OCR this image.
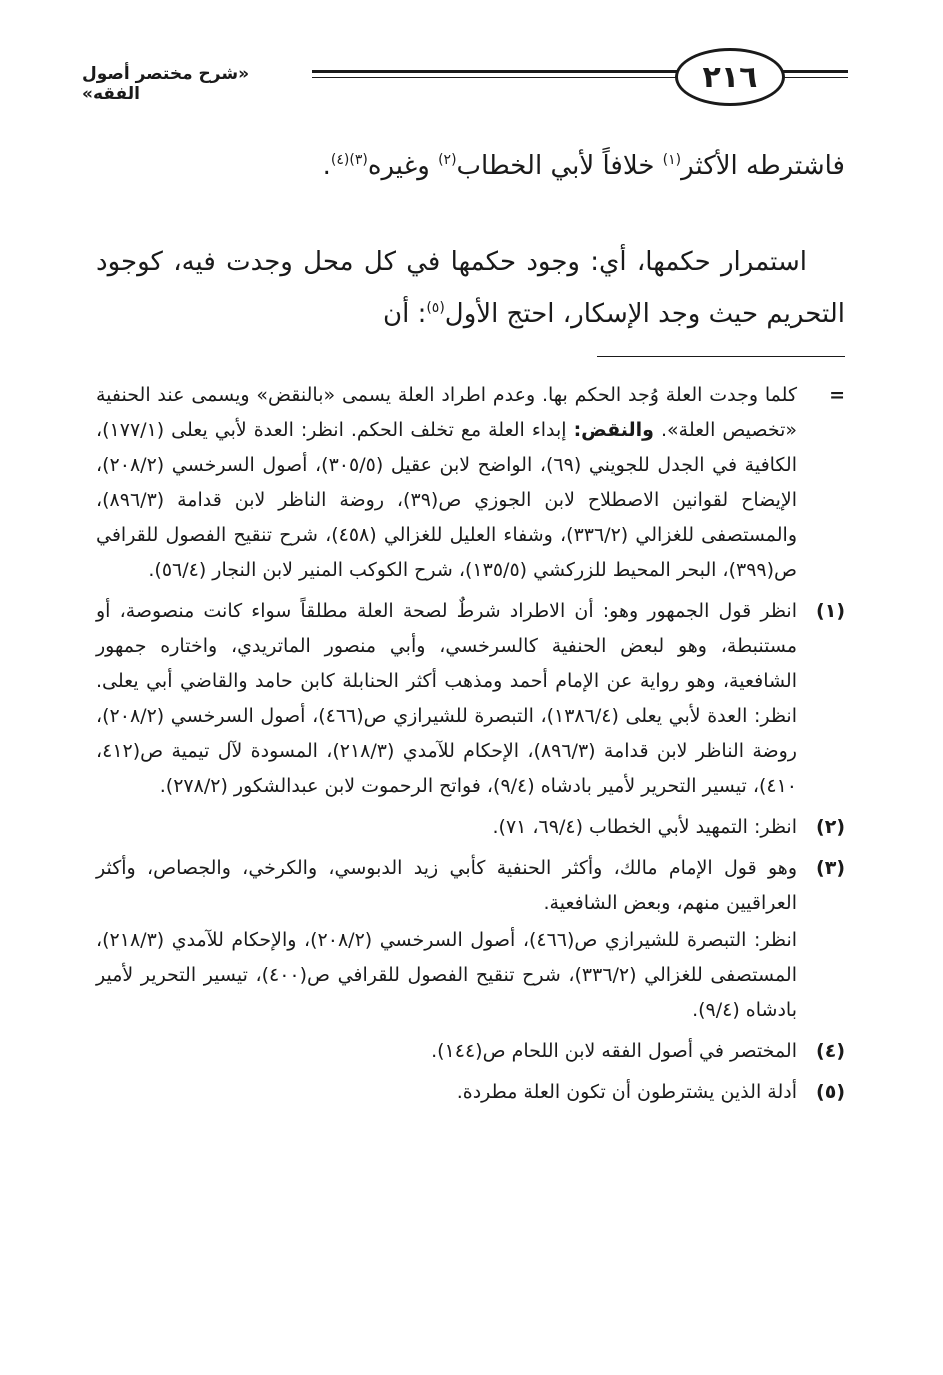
«شرح مختصر أصول الفقه»	٢١٦
فاشترطه الأكثر$^{(١)}$ خلافاً لأبي الخطاب$^{(٢)}$ وغيره$^{(٣)(٤)}$.
استمرار حكمها، أي: وجود حكمها في كل محل وجدت فيه، كوجود التحريم حيث وجد الإسكار، احتج الأول$^{(٥)}$: أن
=
كلما وجدت العلة وُجد الحكم بها. وعدم اطراد العلة يسمى «بالنقض» ويسمى عند الحنفية «تخصيص العلة». والنقض: إبداء العلة مع تخلف الحكم. انظر: العدة لأبي يعلى (١٧٧/١)، الكافية في الجدل للجويني (٦٩)، الواضح لابن عقيل (٣٠٥/٥)، أصول السرخسي (٢٠٨/٢)، الإيضاح لقوانين الاصطلاح لابن الجوزي ص(٣٩)، روضة الناظر لابن قدامة (٨٩٦/٣)، والمستصفى للغزالي (٣٣٦/٢)، وشفاء العليل للغزالي (٤٥٨)، شرح تنقيح الفصول للقرافي ص(٣٩٩)، البحر المحيط للزركشي (١٣٥/٥)، شرح الكوكب المنير لابن النجار (٥٦/٤).
(١)
انظر قول الجمهور وهو: أن الاطراد شرطٌ لصحة العلة مطلقاً سواء كانت منصوصة، أو مستنبطة، وهو لبعض الحنفية كالسرخسي، وأبي منصور الماتريدي، واختاره جمهور الشافعية، وهو رواية عن الإمام أحمد ومذهب أكثر الحنابلة كابن حامد والقاضي أبي يعلى. انظر: العدة لأبي يعلى (١٣٨٦/٤)، التبصرة للشيرازي ص(٤٦٦)، أصول السرخسي (٢٠٨/٢)، روضة الناظر لابن قدامة (٨٩٦/٣)، الإحكام للآمدي (٢١٨/٣)، المسودة لآل تيمية ص(٤١٢، ٤١٠)، تيسير التحرير لأمير بادشاه (٩/٤)، فواتح الرحموت لابن عبدالشكور (٢٧٨/٢).
(٢)
انظر: التمهيد لأبي الخطاب (٦٩/٤، ٧١).
(٣)
وهو قول الإمام مالك، وأكثر الحنفية كأبي زيد الدبوسي، والكرخي، والجصاص، وأكثر العراقيين منهم، وبعض الشافعية.
انظر: التبصرة للشيرازي ص(٤٦٦)، أصول السرخسي (٢٠٨/٢)، والإحكام للآمدي (٢١٨/٣)، المستصفى للغزالي (٣٣٦/٢)، شرح تنقيح الفصول للقرافي ص(٤٠٠)، تيسير التحرير لأمير بادشاه (٩/٤).
(٤)
المختصر في أصول الفقه لابن اللحام ص(١٤٤).
(٥)
أدلة الذين يشترطون أن تكون العلة مطردة.
